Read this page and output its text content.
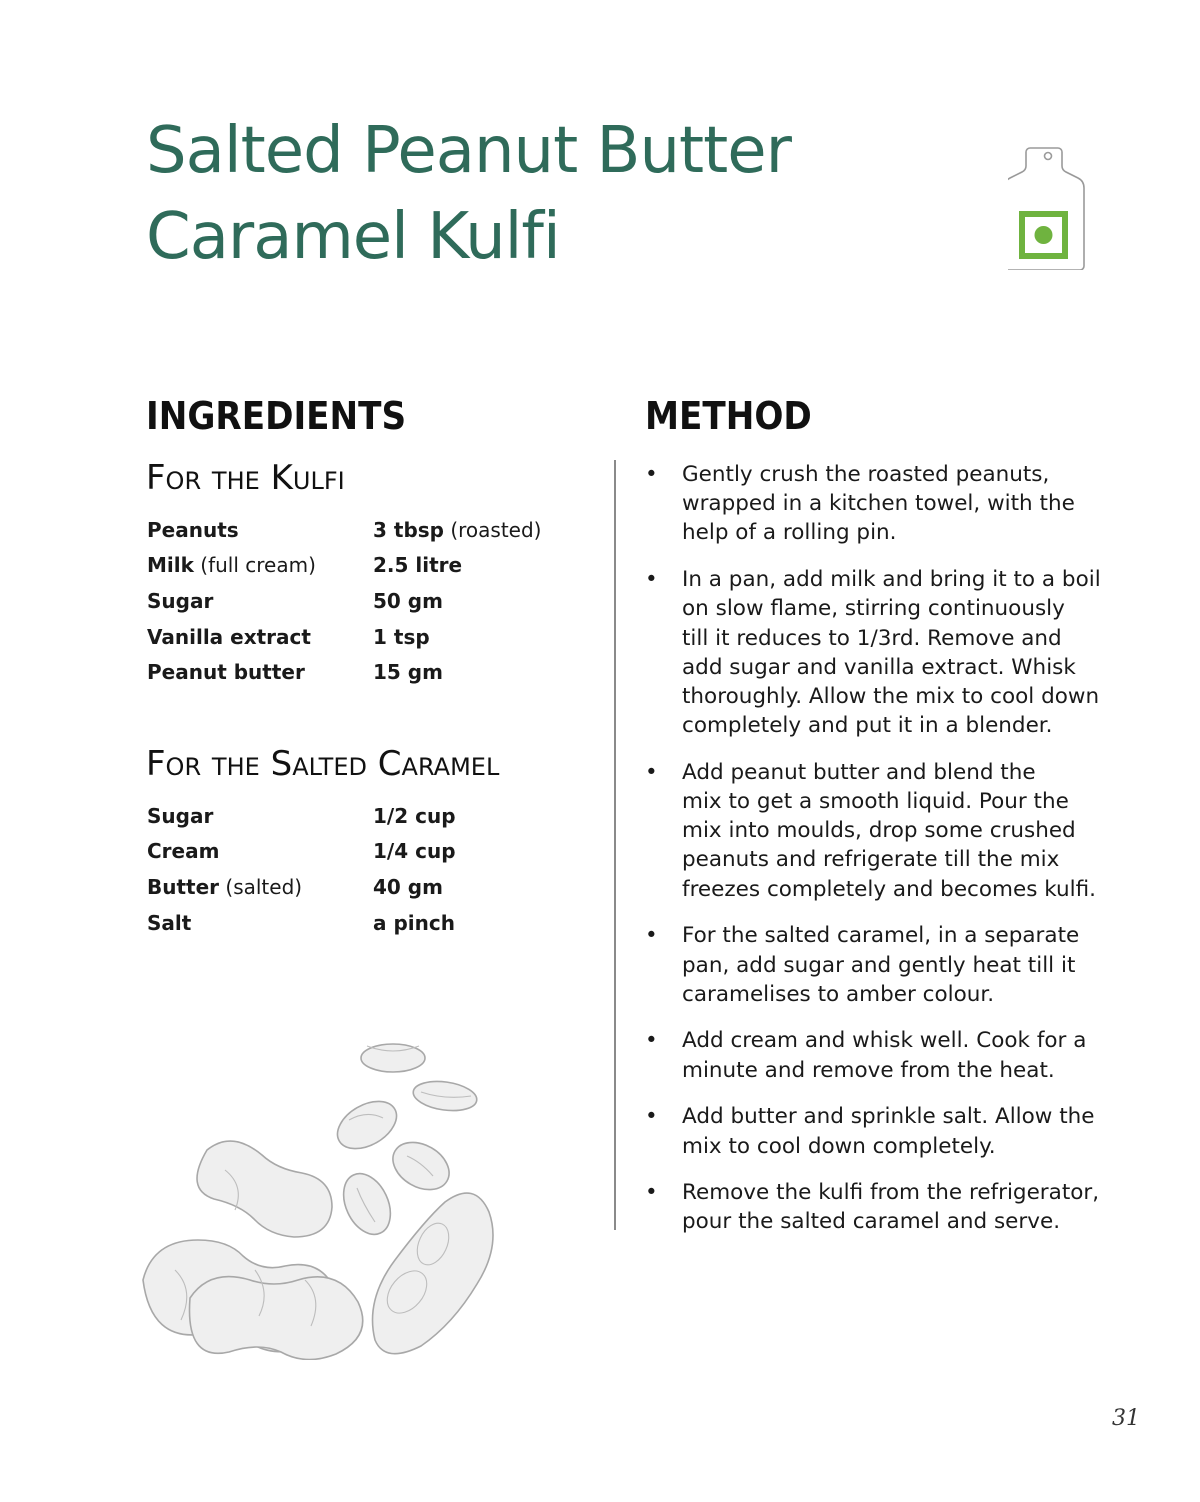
Salted Peanut Butter
Caramel Kulfi
INGREDIENTS
For the Kulfi
Peanuts	3 tbsp (roasted)
Milk (full cream)	2.5 litre
Sugar	50 gm
Vanilla extract	1 tsp
Peanut butter	15 gm
For the Salted Caramel
Sugar	1/2 cup
Cream	1/4 cup
Butter (salted)	40 gm
Salt	a pinch
METHOD
• Gently crush the roasted peanuts,
wrapped in a kitchen towel, with the
help of a rolling pin.
• In a pan, add milk and bring it to a boil
on slow flame, stirring continuously
till it reduces to 1/3rd. Remove and
add sugar and vanilla extract. Whisk
thoroughly. Allow the mix to cool down
completely and put it in a blender.
• Add peanut butter and blend the
mix to get a smooth liquid. Pour the
mix into moulds, drop some crushed
peanuts and refrigerate till the mix
freezes completely and becomes kulfi.
• For the salted caramel, in a separate
pan, add sugar and gently heat till it
caramelises to amber colour.
• Add cream and whisk well. Cook for a
minute and remove from the heat.
• Add butter and sprinkle salt. Allow the
mix to cool down completely.
• Remove the kulfi from the refrigerator,
pour the salted caramel and serve.
31
